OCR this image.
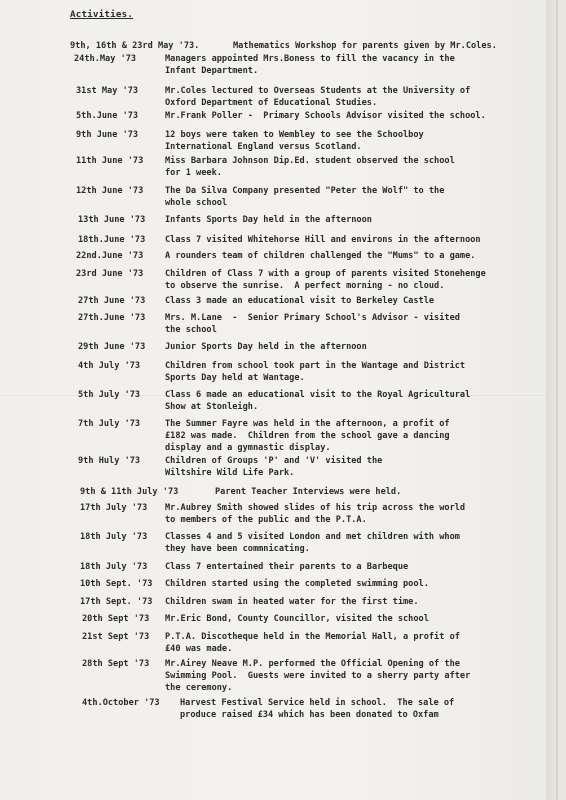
Activities.
9th, 16th & 23rd May '73.	Mathematics Workshop for parents given by Mr.Coles.
24th.May '73	Managers appointed Mrs.Boness to fill the vacancy in the
Infant Department.
31st May '73	Mr.Coles lectured to Overseas Students at the University of
Oxford Department of Educational Studies.
5th.June '73	Mr.Frank Poller -  Primary Schools Advisor visited the school.
9th June '73	12 boys were taken to Wembley to see the Schoolboy
International England versus Scotland.
11th June '73	Miss Barbara Johnson Dip.Ed. student observed the school
for 1 week.
12th June '73	The Da Silva Company presented "Peter the Wolf" to the
whole school
13th June '73 Infants Sports Day held in the afternoon
18th.June '73 Class 7 visited Whitehorse Hill and environs in the afternoon
22nd.June '73	A rounders team of children challenged the "Mums" to a game.
23rd June '73	Children of Class 7 with a group of parents visited Stonehenge
to observe the sunrise.  A perfect morning - no cloud.
27th June '73 Class 3 made an educational visit to Berkeley Castle
27th.June '73 Mrs. M.Lane  -  Senior Primary School's Advisor - visited
the school
29th June '73 Junior Sports Day held in the afternoon
4th July '73	Children from school took part in the Wantage and District
Sports Day held at Wantage.
5th July '73	Class 6 made an educational visit to the Royal Agricultural
Show at Stonleigh.
7th July '73	The Summer Fayre was held in the afternoon, a profit of
£182 was made.  Children from the school gave a dancing
display and a gymnastic display.
9th Huly '73	Children of Groups 'P' and 'V' visited the
Wiltshire Wild Life Park.
9th & 11th July '73	Parent Teacher Interviews were held.
17th July '73 Mr.Aubrey Smith showed slides of his trip across the world
to members of the public and the P.T.A.
18th July '73 Classes 4 and 5 visited London and met children with whom
they have been commnicating.
18th July '73 Class 7 entertained their parents to a Barbeque
10th Sept. '73 Children started using the completed swimming pool.
17th Sept. '73 Children swam in heated water for the first time.
20th Sept '73 Mr.Eric Bond, County Councillor, visited the school
21st Sept '73 P.T.A. Discotheque held in the Memorial Hall, a profit of
£40 was made.
28th Sept '73 Mr.Airey Neave M.P. performed the Official Opening of the
Swimming Pool.  Guests were invited to a sherry party after
the ceremony.
4th.October '73 Harvest Festival Service held in school.  The sale of
produce raised £34 which has been donated to Oxfam
